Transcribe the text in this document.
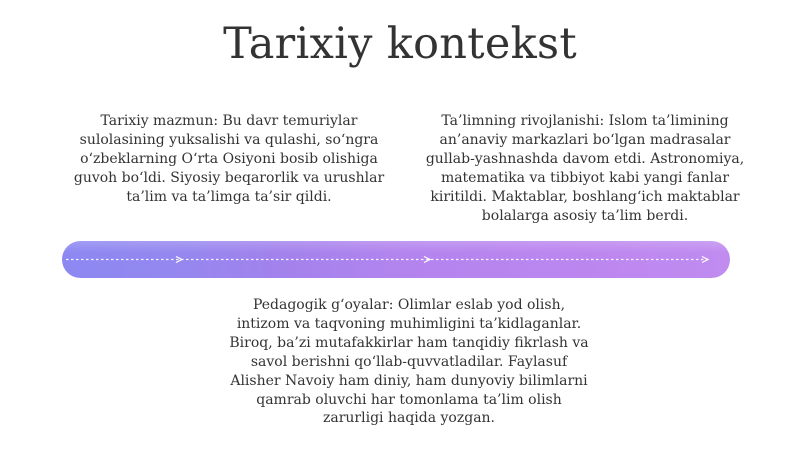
Tarixiy kontekst
Tarixiy mazmun: Bu davr temuriylar sulolasining yuksalishi va qulashi, so‘ngra o‘zbeklarning O‘rta Osiyoni bosib olishiga guvoh bo‘ldi. Siyosiy beqarorlik va urushlar ta’lim va ta’limga ta’sir qildi.
Ta’limning rivojlanishi: Islom ta’limining an’anaviy markazlari bo‘lgan madrasalar gullab-yashnashda davom etdi. Astronomiya, matematika va tibbiyot kabi yangi fanlar kiritildi. Maktablar, boshlang‘ich maktablar bolalarga asosiy ta’lim berdi.
Pedagogik g‘oyalar: Olimlar eslab yod olish, intizom va taqvoning muhimligini ta’kidlaganlar. Biroq, ba’zi mutafakkirlar ham tanqidiy fikrlash va savol berishni qo‘llab-quvvatladilar. Faylasuf Alisher Navoiy ham diniy, ham dunyoviy bilimlarni qamrab oluvchi har tomonlama ta’lim olish zarurligi haqida yozgan.
